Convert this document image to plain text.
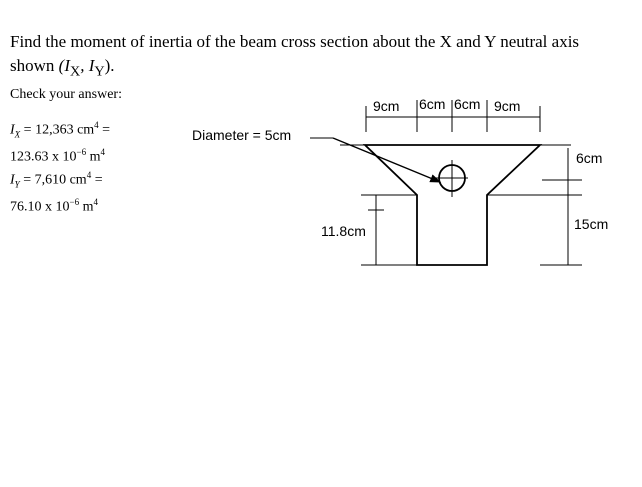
Find the moment of inertia of the beam cross section about the X and Y neutral axis shown ($I_X$, $I_Y$).
Check your answer:
$I_X = 12,363$ $cm^4$ =
123.63 x $10^{-6}$ $m^4$
$I_Y = 7,610$ $cm^4$ =
76.10 x $10^{-6}$ $m^4$
Diameter = 5cm
9cm 6cm 6cm 9cm
6cm
15cm
11.8cm
